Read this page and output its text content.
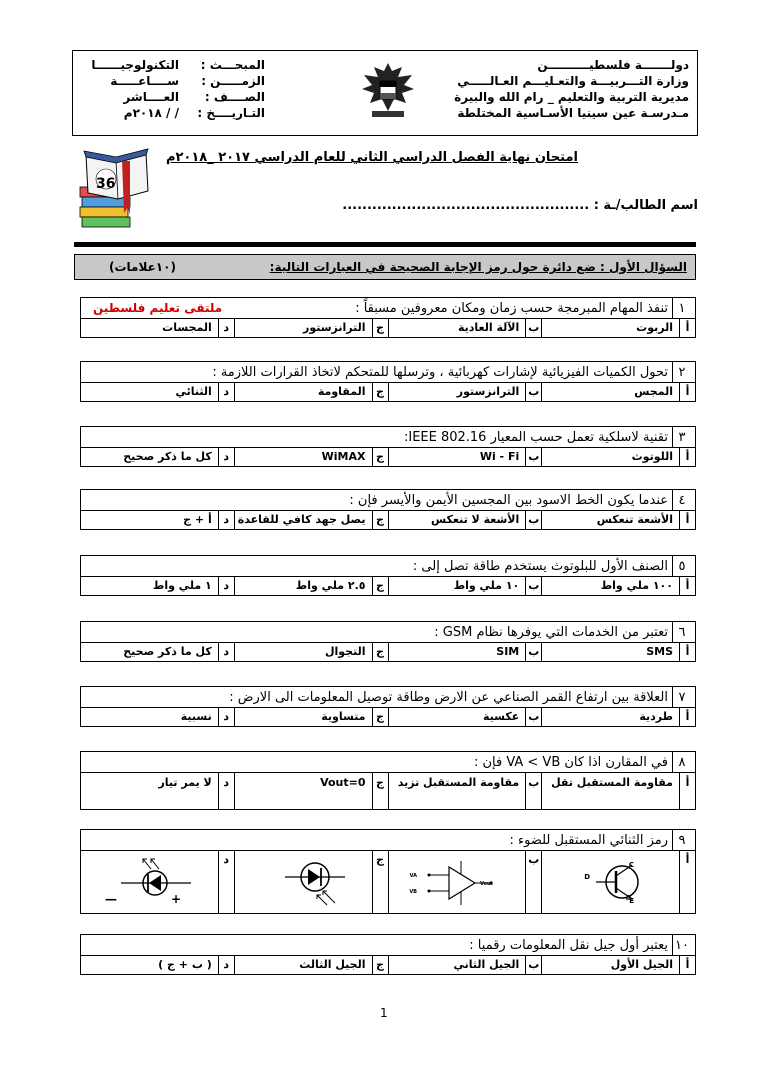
دولـــــــة فلسطيــــــــــن
وزارة التـــربيـــة والتعـليـــم العـالـــــي
مديرية التربية والتعليم _ رام الله والبيرة
مـدرسـة عين سينيا الأسـاسية المختلطة
المبحـــث :
التكنولوجيــــــا
الزمـــــن :
ســــاعـــــة
الصــــف :
العــــاشر
التـاريــــخ :
/ / ٢٠١٨م
36
امتحان نهاية الفصل الدراسي الثاني للعام الدراسي ٢٠١٧ _٢٠١٨م
اسم الطالب/ـة : ..................................................
السؤال الأول : ضع دائرة حول رمز الإجابة الصحيحة في العبارات التالية:
(١٠علامات)
١تنفذ المهام المبرمجة حسب زمان ومكان معروفين مسبقاً :
ملتقى تعليم فلسطين
أ
الربوت
ب
الآلة العادية
ج
الترانزستور
د
المجسات
٢تحول الكميات الفيزيائية لإشارات كهربائية ، وترسلها للمتحكم لاتخاذ القرارات اللازمة :
أ
المجس
ب
الترانزستور
ج
المقاومة
د
الثنائي
٣تقنية لاسلكية تعمل حسب المعيار IEEE 802.16:
أ
اللوتوث
ب
Wi - Fi
ج
WiMAX
د
كل ما ذكر صحيح
٤عندما يكون الخط الاسود بين المجسين الأيمن والأيسر فإن :
أ
الأشعة تنعكس
ب
الأشعة لا تنعكس
ج
يصل جهد كافي للقاعدة
د
أ + ج
٥الصنف الأول للبلوتوث يستخدم طاقة تصل إلى :
أ
١٠٠ ملي واط
ب
١٠ ملي واط
ج
٢.٥ ملي واط
د
١ ملي واط
٦تعتبر من الخدمات التي يوفرها نظام GSM :
أ
SMS
ب
SIM
ج
التجوال
د
كل ما ذكر صحيح
٧العلاقة بين ارتفاع القمر الصناعي عن الارض وطاقة توصيل المعلومات الى الارض :
أ
طردية
ب
عكسية
ج
متساوية
د
نسبية
٨في المقارن اذا كان VA < VB فإن :
أ
مقاومة المستقبل تقل
ب
مقاومة المستقبل تزيد
ج
Vout=0
د
لا يمر تيار
٩رمز الثنائي المستقبل للضوء :
أ
D
C
E
ب
VA
VB
Vout
ج
د
—	+
١٠يعتبر أول جيل نقل المعلومات رقميا :
أ
الجيل الأول
ب
الجيل الثاني
ج
الجيل الثالث
د
( ب + ج )
1
